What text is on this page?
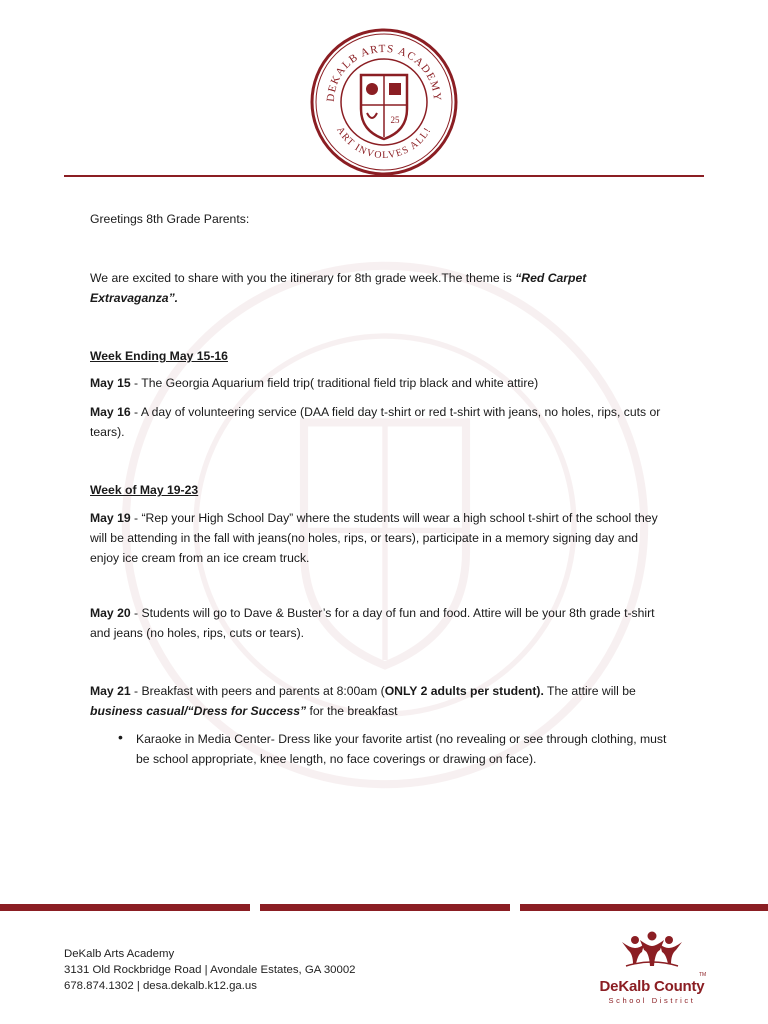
DEKALB ARTS ACADEMY
ART INVOLVES ALL!
25
Greetings 8th Grade Parents:
We are excited to share with you the itinerary for 8th grade week.The theme is “Red Carpet Extravaganza”.
Week Ending May 15-16
May 15 - The Georgia Aquarium field trip( traditional field trip black and white attire)
May 16 - A day of volunteering service (DAA field day t-shirt or red t-shirt with jeans, no holes, rips, cuts or tears).
Week of May 19-23
May 19 - “Rep your High School Day” where the students will wear a high school t-shirt of the school they will be attending in the fall with jeans(no holes, rips, or tears), participate in a memory signing day and enjoy ice cream from an ice cream truck.
May 20 - Students will go to Dave & Buster’s for a day of fun and food. Attire will be your 8th grade t-shirt and jeans (no holes, rips, cuts or tears).
May 21 - Breakfast with peers and parents at 8:00am (ONLY 2 adults per student). The attire will be business casual/“Dress for Success” for the breakfast
• Karaoke in Media Center- Dress like your favorite artist (no revealing or see through clothing, must be school appropriate, knee length, no face coverings or drawing on face).
DeKalb Arts Academy
3131 Old Rockbridge Road | Avondale Estates, GA 30002
678.874.1302 | desa.dekalb.k12.ga.us
TM
DeKalb County
School District
